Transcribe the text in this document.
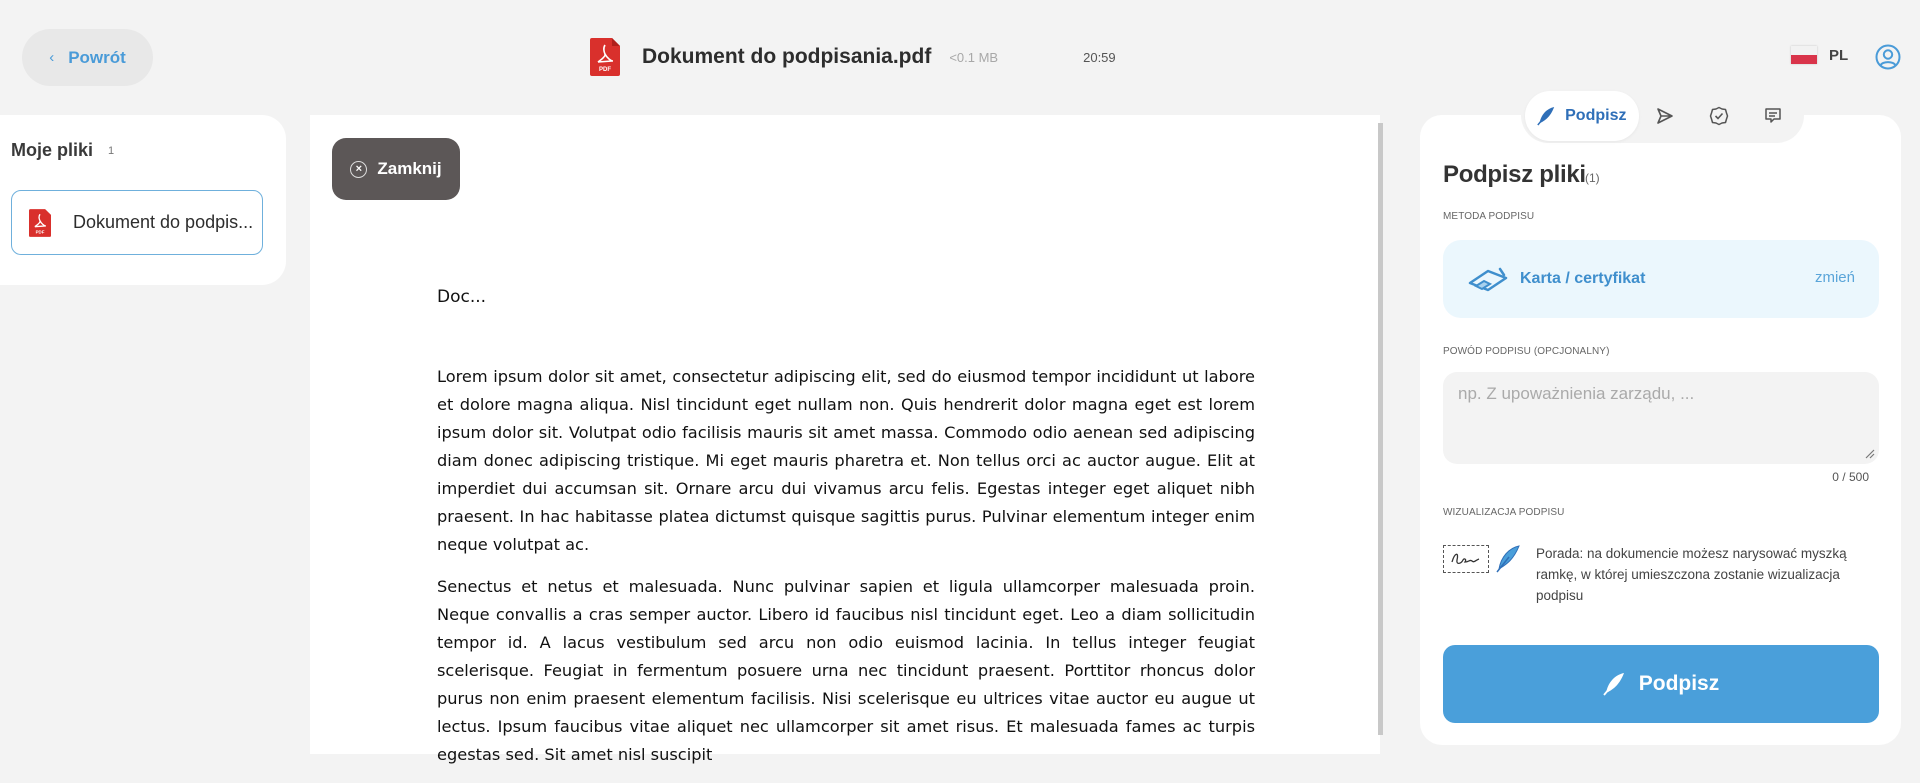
‹ Powrót
PDF
Dokument do podpisania.pdf <0.1 MB	20:59	PL
Moje pliki 1
PDF Dokument do podpis...
× Zamknij
Doc...

Lorem ipsum dolor sit amet, consectetur adipiscing elit, sed do eiusmod tempor incididunt ut labore et dolore magna aliqua. Nisl tincidunt eget nullam non. Quis hendrerit dolor magna eget est lorem ipsum dolor sit. Volutpat odio facilisis mauris sit amet massa. Commodo odio aenean sed adipiscing diam donec adipiscing tristique. Mi eget mauris pharetra et. Non tellus orci ac auctor augue. Elit at imperdiet dui accumsan sit. Ornare arcu dui vivamus arcu felis. Egestas integer eget aliquet nibh praesent. In hac habitasse platea dictumst quisque sagittis purus. Pulvinar elementum integer enim neque volutpat ac.

Senectus et netus et malesuada. Nunc pulvinar sapien et ligula ullamcorper malesuada proin. Neque convallis a cras semper auctor. Libero id faucibus nisl tincidunt eget. Leo a diam sollicitudin tempor id. A lacus vestibulum sed arcu non odio euismod lacinia. In tellus integer feugiat scelerisque. Feugiat in fermentum posuere urna nec tincidunt praesent. Porttitor rhoncus dolor purus non enim praesent elementum facilisis. Nisi scelerisque eu ultrices vitae auctor eu augue ut lectus. Ipsum faucibus vitae aliquet nec ullamcorper sit amet risus. Et malesuada fames ac turpis egestas sed. Sit amet nisl suscipit

Podpisz pliki (1)
METODA PODPISU
Karta / certyfikat	zmień
POWÓD PODPISU (OPCJONALNY)
np. Z upoważnienia zarządu, ...
0 / 500
WIZUALIZACJA PODPISU

Porada: na dokumencie możesz narysować myszką ramkę, w której umieszczona zostanie wizualizacja podpisu

Podpisz
Podpisz
